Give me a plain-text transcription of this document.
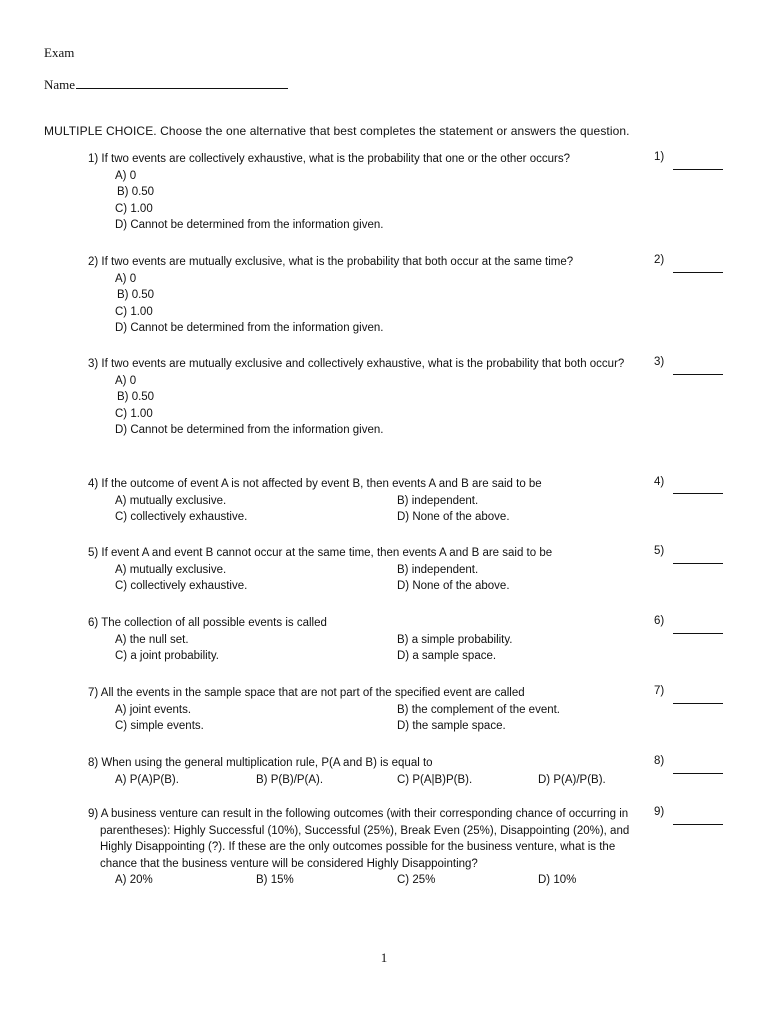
Exam
Name
MULTIPLE CHOICE. Choose the one alternative that best completes the statement or answers the question.
1) If two events are collectively exhaustive, what is the probability that one or the other occurs?
A) 0
B) 0.50
C) 1.00
D) Cannot be determined from the information given.
1)
2) If two events are mutually exclusive, what is the probability that both occur at the same time?
A) 0
B) 0.50
C) 1.00
D) Cannot be determined from the information given.
2)
3) If two events are mutually exclusive and collectively exhaustive, what is the probability that both occur?
A) 0
B) 0.50
C) 1.00
D) Cannot be determined from the information given.
3)
4) If the outcome of event A is not affected by event B, then events A and B are said to be
A) mutually exclusive.	B) independent.
C) collectively exhaustive.	D) None of the above.
4)
5) If event A and event B cannot occur at the same time, then events A and B are said to be
A) mutually exclusive.	B) independent.
C) collectively exhaustive.	D) None of the above.
5)
6) The collection of all possible events is called
A) the null set.	B) a simple probability.
C) a joint probability.	D) a sample space.
6)
7) All the events in the sample space that are not part of the specified event are called
A) joint events.	B) the complement of the event.
C) simple events.	D) the sample space.
7)
8) When using the general multiplication rule, P(A and B) is equal to
A) P(A)P(B).	B) P(B)/P(A).	C) P(A|B)P(B).	D) P(A)/P(B).
8)
9) A business venture can result in the following outcomes (with their corresponding chance of occurring in parentheses): Highly Successful (10%), Successful (25%), Break Even (25%), Disappointing (20%), and Highly Disappointing (?). If these are the only outcomes possible for the business venture, what is the chance that the business venture will be considered Highly Disappointing?
A) 20%	B) 15%	C) 25%	D) 10%
9)
1
